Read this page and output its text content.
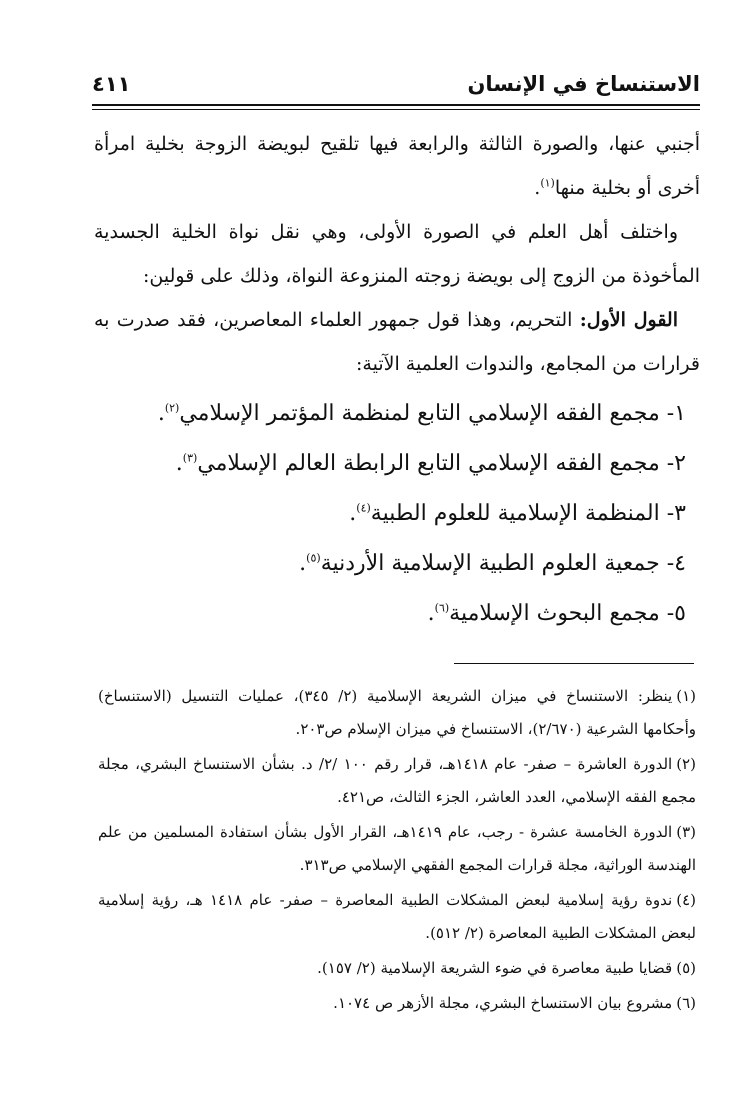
الاستنساخ في الإنسان
٤١١

أجنبي عنها، والصورة الثالثة والرابعة فيها تلقيح لبويضة الزوجة بخلية امرأة أخرى أو بخلية منها$^{(١)}$.

واختلف أهل العلم في الصورة الأولى، وهي نقل نواة الخلية الجسدية المأخوذة من الزوج إلى بويضة زوجته المنزوعة النواة، وذلك على قولين:

القول الأول: التحريم، وهذا قول جمهور العلماء المعاصرين، فقد صدرت به قرارات من المجامع، والندوات العلمية الآتية:

١- مجمع الفقه الإسلامي التابع لمنظمة المؤتمر الإسلامي$^{(٢)}$.
٢- مجمع الفقه الإسلامي التابع الرابطة العالم الإسلامي$^{(٣)}$.
٣- المنظمة الإسلامية للعلوم الطبية$^{(٤)}$.
٤- جمعية العلوم الطبية الإسلامية الأردنية$^{(٥)}$.
٥- مجمع البحوث الإسلامية$^{(٦)}$.

(١)ينظر: الاستنساخ في ميزان الشريعة الإسلامية (٢/ ٣٤٥)، عمليات التنسيل (الاستنساخ) وأحكامها الشرعية (٢/٦٧٠)، الاستنساخ في ميزان الإسلام ص٢٠٣.

(٢)الدورة العاشرة – صفر- عام ١٤١٨هـ، قرار رقم ١٠٠ /٢/ د. بشأن الاستنساخ البشري، مجلة مجمع الفقه الإسلامي، العدد العاشر، الجزء الثالث، ص٤٢١.

(٣)الدورة الخامسة عشرة - رجب، عام ١٤١٩هـ، القرار الأول بشأن استفادة المسلمين من علم الهندسة الوراثية، مجلة قرارات المجمع الفقهي الإسلامي ص٣١٣.

(٤)ندوة رؤية إسلامية لبعض المشكلات الطبية المعاصرة – صفر- عام ١٤١٨ هـ، رؤية إسلامية لبعض المشكلات الطبية المعاصرة (٢/ ٥١٢).

(٥)قضايا طبية معاصرة في ضوء الشريعة الإسلامية (٢/ ١٥٧).

(٦)مشروع بيان الاستنساخ البشري، مجلة الأزهر ص ١٠٧٤.
